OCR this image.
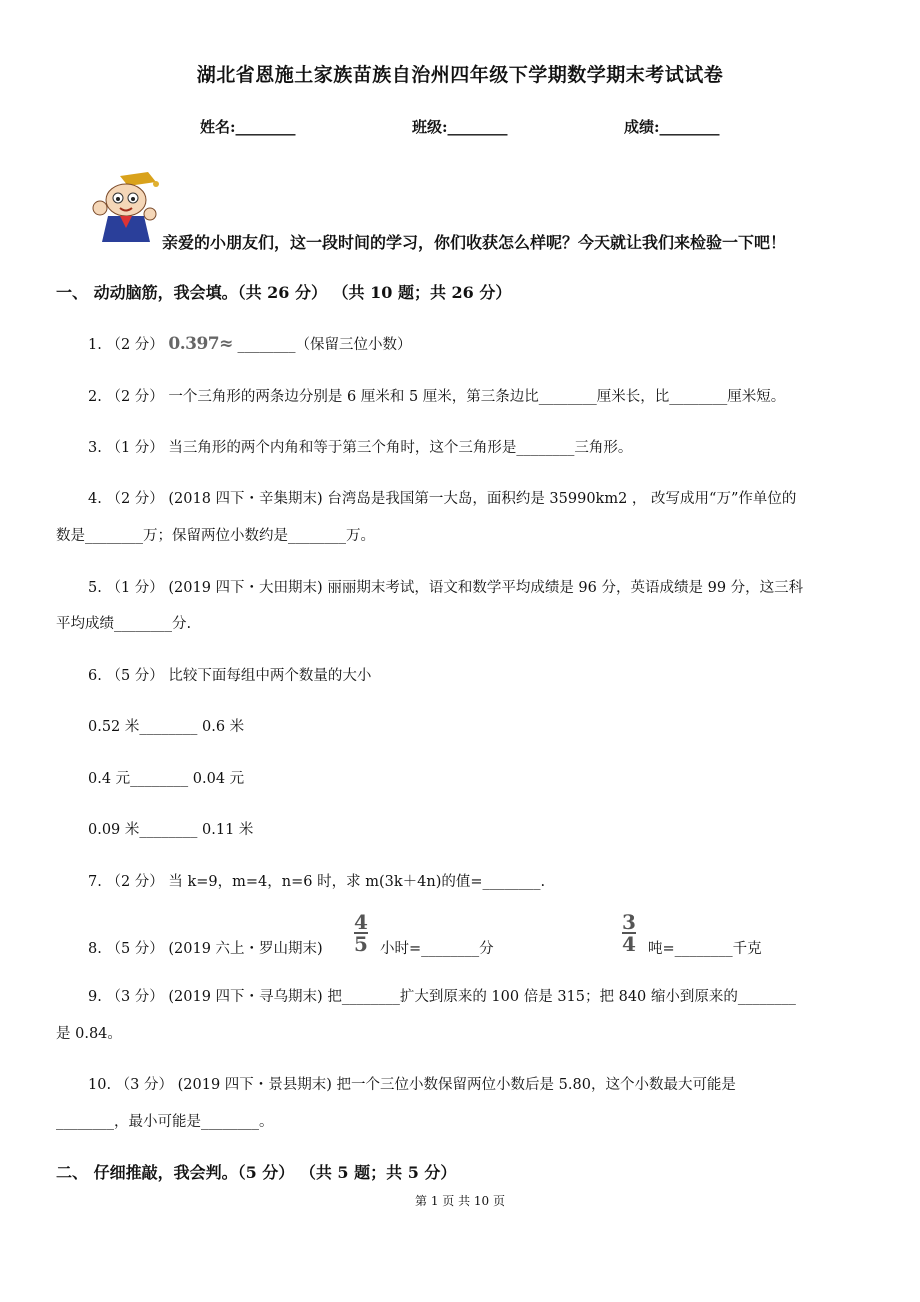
湖北省恩施土家族苗族自治州四年级下学期数学期末考试试卷
姓名:________	班级:________	成绩:________
亲爱的小朋友们，这一段时间的学习，你们收获怎么样呢？今天就让我们来检验一下吧！
一、 动动脑筋，我会填。（共 26 分） （共 10 题；共 26 分）
1. （2 分） 0.397≈ ________（保留三位小数）
2. （2 分） 一个三角形的两条边分别是 6 厘米和 5 厘米，第三条边比________厘米长，比________厘米短。
3. （1 分） 当三角形的两个内角和等于第三个角时，这个三角形是________三角形。
4. （2 分） (2018 四下・辛集期末) 台湾岛是我国第一大岛，面积约是 35990km2 ， 改写成用“万”作单位的
数是________万；保留两位小数约是________万。
5. （1 分） (2019 四下・大田期末) 丽丽期末考试，语文和数学平均成绩是 96 分，英语成绩是 99 分，这三科
平均成绩________分.
6. （5 分） 比较下面每组中两个数量的大小
0.52 米________ 0.6 米
0.4 元________ 0.04 元
0.09 米________ 0.11 米
7. （2 分） 当 k=9，m=4，n=6 时，求 m(3k＋4n)的值=________.
8. （5 分） (2019 六上・罗山期末) $\frac{4}{5}$ 小时=________分	$\frac{3}{4}$ 吨=________千克
9. （3 分） (2019 四下・寻乌期末) 把________扩大到原来的 100 倍是 315；把 840 缩小到原来的________
是 0.84。
10. （3 分） (2019 四下・景县期末) 把一个三位小数保留两位小数后是 5.80，这个小数最大可能是
________，最小可能是________。
二、 仔细推敲，我会判。（5 分） （共 5 题；共 5 分）
第 1 页 共 10 页
